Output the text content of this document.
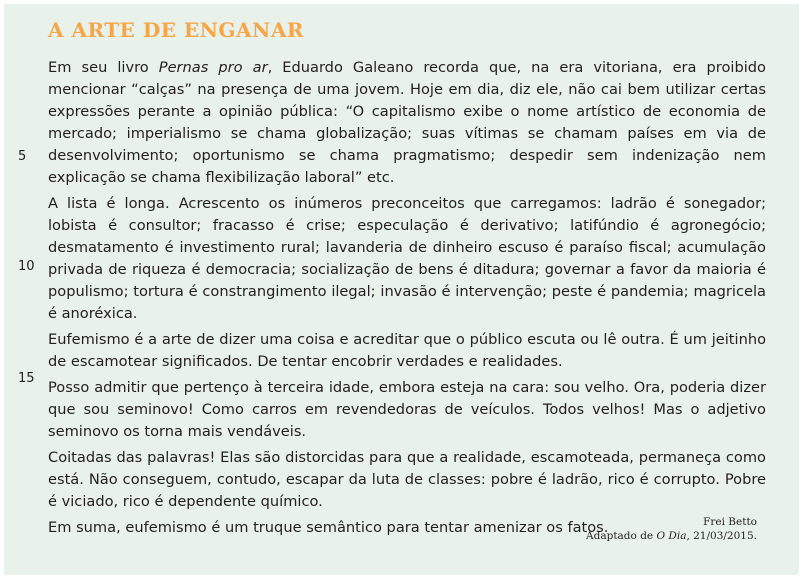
A ARTE DE ENGANAR
5
10
15

Em seu livro Pernas pro ar, Eduardo Galeano recorda que, na era vitoriana, era proibido mencionar “calças” na presença de uma jovem. Hoje em dia, diz ele, não cai bem utilizar certas expressões perante a opinião pública: “O capitalismo exibe o nome artístico de economia de mercado; imperialismo se chama globalização; suas vítimas se chamam países em via de desenvolvimento; oportunismo se chama pragmatismo; despedir sem indenização nem explicação se chama flexibilização laboral” etc.

A lista é longa. Acrescento os inúmeros preconceitos que carregamos: ladrão é sonegador; lobista é consultor; fracasso é crise; especulação é derivativo; latifúndio é agronegócio; desmatamento é investimento rural; lavanderia de dinheiro escuso é paraíso fiscal; acumulação privada de riqueza é democracia; socialização de bens é ditadura; governar a favor da maioria é populismo; tortura é constrangimento ilegal; invasão é intervenção; peste é pandemia; magricela é anoréxica.

Eufemismo é a arte de dizer uma coisa e acreditar que o público escuta ou lê outra. É um jeitinho de escamotear significados. De tentar encobrir verdades e realidades.

Posso admitir que pertenço à terceira idade, embora esteja na cara: sou velho. Ora, poderia dizer que sou seminovo! Como carros em revendedoras de veículos. Todos velhos! Mas o adjetivo seminovo os torna mais vendáveis.

Coitadas das palavras! Elas são distorcidas para que a realidade, escamoteada, permaneça como está. Não conseguem, contudo, escapar da luta de classes: pobre é ladrão, rico é corrupto. Pobre é viciado, rico é dependente químico.

Em suma, eufemismo é um truque semântico para tentar amenizar os fatos.	Frei Betto
Adaptado de O Dia, 21/03/2015.
